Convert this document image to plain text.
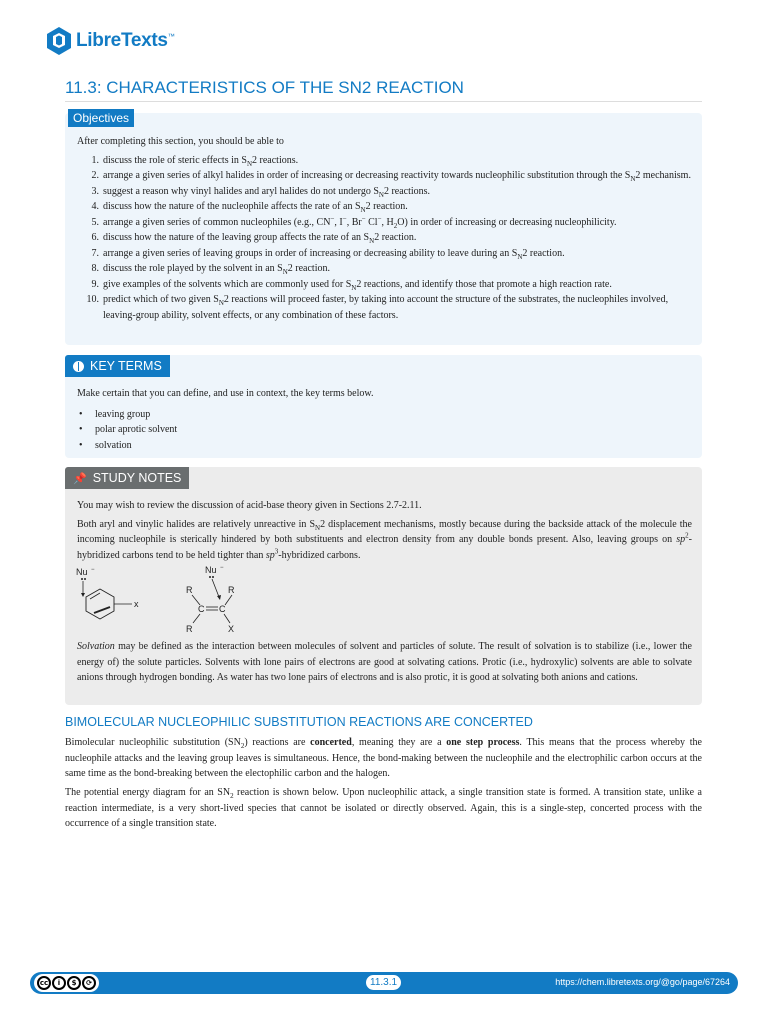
LibreTexts™
11.3: CHARACTERISTICS OF THE SN2 REACTION
Objectives

After completing this section, you should be able to

1. discuss the role of steric effects in $S_N2$ reactions.
2. arrange a given series of alkyl halides in order of increasing or decreasing reactivity towards nucleophilic substitution through the $S_N2$ mechanism.
3. suggest a reason why vinyl halides and aryl halides do not undergo $S_N2$ reactions.
4. discuss how the nature of the nucleophile affects the rate of an $S_N2$ reaction.
5. arrange a given series of common nucleophiles (e.g., CN−, I−, Br− Cl−, $H_2O$) in order of increasing or decreasing nucleophilicity.
6. discuss how the nature of the leaving group affects the rate of an $S_N2$ reaction.
7. arrange a given series of leaving groups in order of increasing or decreasing ability to leave during an $S_N2$ reaction.
8. discuss the role played by the solvent in an $S_N2$ reaction.
9. give examples of the solvents which are commonly used for $S_N2$ reactions, and identify those that promote a high reaction rate.
10. predict which of two given $S_N2$ reactions will proceed faster, by taking into account the structure of the substrates, the nucleophiles involved, leaving-group ability, solvent effects, or any combination of these factors.
KEY TERMS

Make certain that you can define, and use in context, the key terms below.

• leaving group
• polar aprotic solvent
• solvation
📌 STUDY NOTES

You may wish to review the discussion of acid-base theory given in Sections 2.7-2.11.

Both aryl and vinylic halides are relatively unreactive in $S_N2$ displacement mechanisms, mostly because during the backside attack of the molecule the incoming nucleophile is sterically hindered by both substituents and electron density from any double bonds present. Also, leaving groups on $sp^2$-hybridized carbons tend to be held tighter than $sp^3$-hybridized carbons.

Nu −
x
Nu −
R	R
C C
R	X

Solvation may be defined as the interaction between molecules of solvent and particles of solute. The result of solvation is to stabilize (i.e., lower the energy of) the solute particles. Solvents with lone pairs of electrons are good at solvating cations. Protic (i.e., hydroxylic) solvents are able to solvate anions through hydrogen bonding. As water has two lone pairs of electrons and is also protic, it is good at solvating both anions and cations.

BIMOLECULAR NUCLEOPHILIC SUBSTITUTION REACTIONS ARE CONCERTED

Bimolecular nucleophilic substitution $(SN_2)$ reactions are concerted, meaning they are a one step process. This means that the process whereby the nucleophile attacks and the leaving group leaves is simultaneous. Hence, the bond-making between the nucleophile and the electrophilic carbon occurs at the same time as the bond-breaking between the electophilic carbon and the halogen.

The potential energy diagram for an $SN_2$ reaction is shown below. Upon nucleophilic attack, a single transition state is formed. A transition state, unlike a reaction intermediate, is a very short-lived species that cannot be isolated or directly observed. Again, this is a single-step, concerted process with the occurrence of a single transition state.

cc	i	$	⟳	11.3.1	https://chem.libretexts.org/@go/page/67264
